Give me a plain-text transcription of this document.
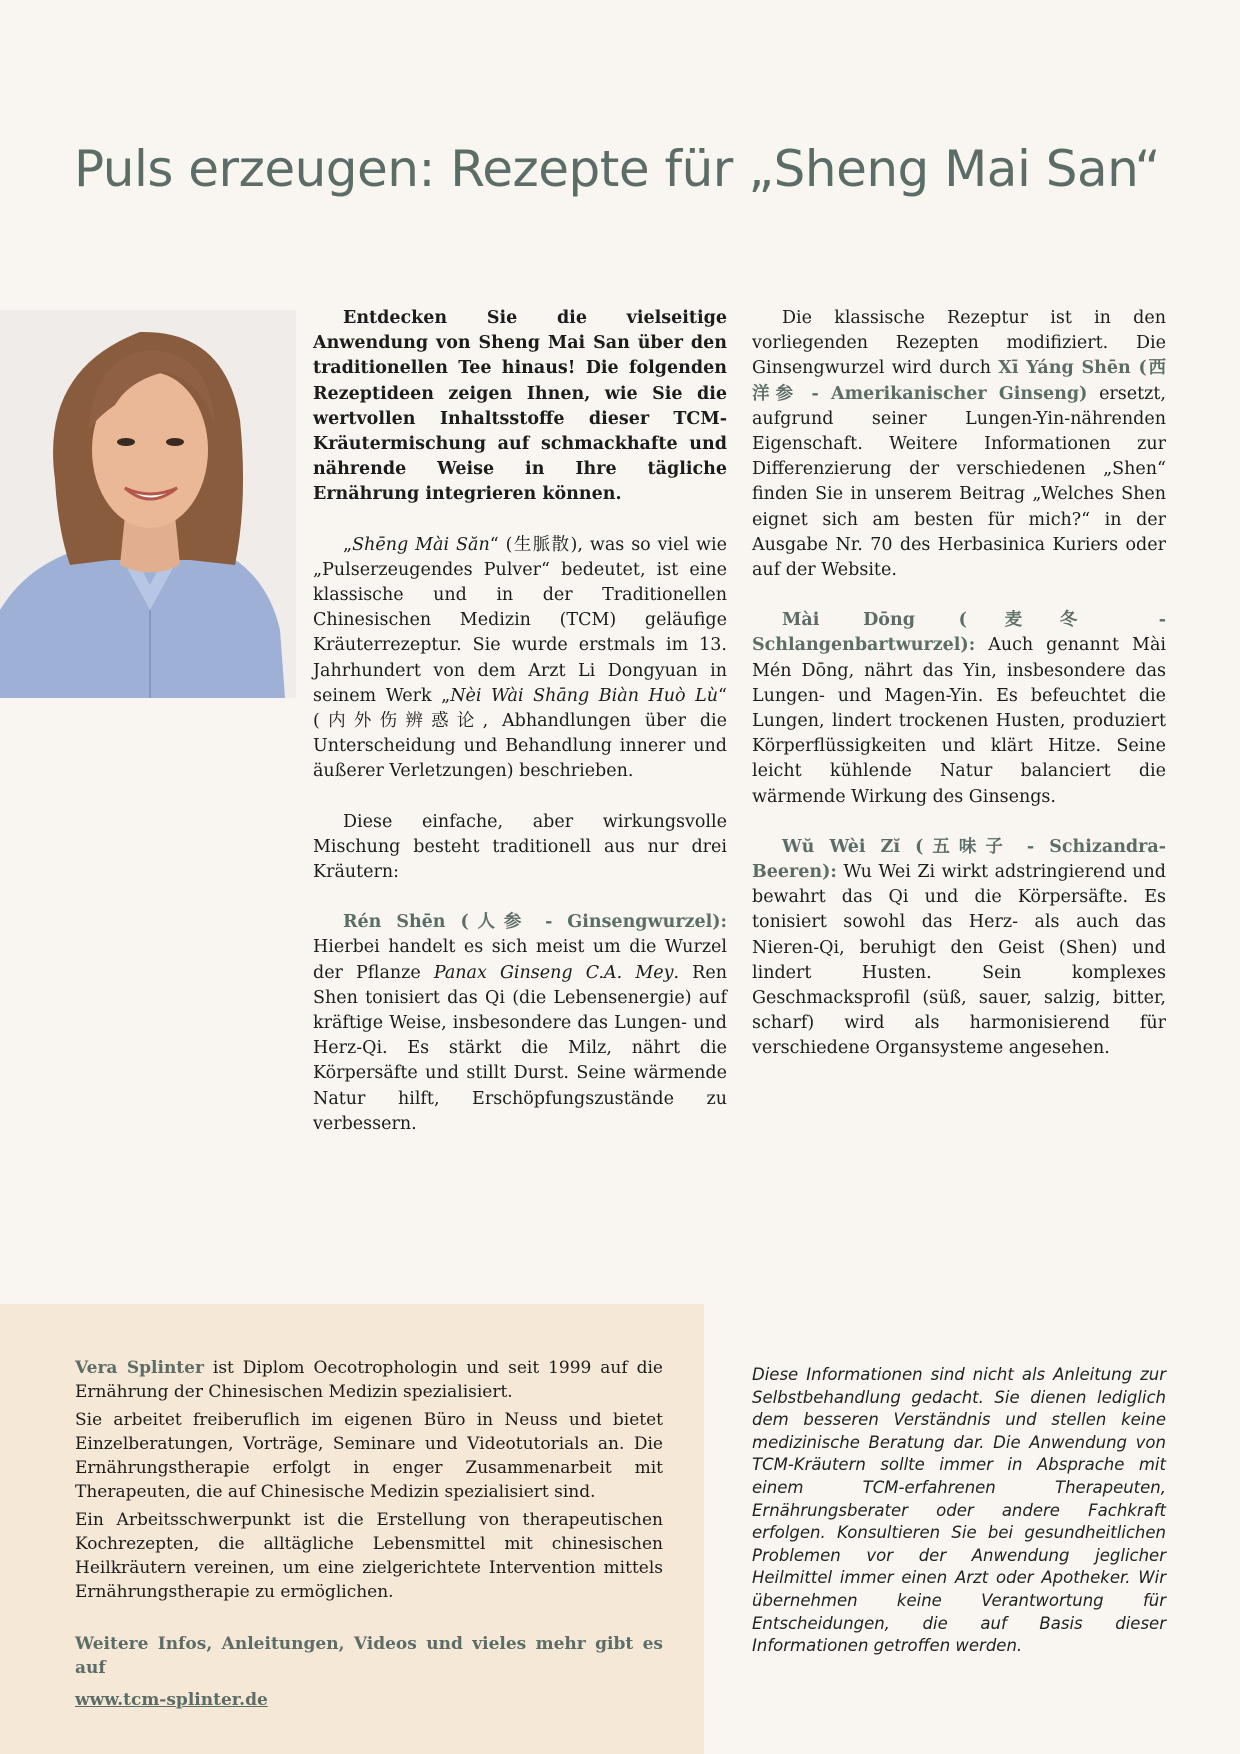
Puls erzeugen: Rezepte für „Sheng Mai San“

Entdecken Sie die vielseitige Anwendung von Sheng Mai San über den traditionellen Tee hinaus! Die folgenden Rezeptideen zeigen Ihnen, wie Sie die wertvollen Inhaltsstoffe dieser TCM-Kräutermischung auf schmackhafte und nährende Weise in Ihre tägliche Ernährung integrieren können.

„Shēng Mài Săn“ (生脈散), was so viel wie „Pulserzeugendes Pulver“ bedeutet, ist eine klassische und in der Traditionellen Chinesischen Medizin (TCM) geläufige Kräuterrezeptur. Sie wurde erstmals im 13. Jahrhundert von dem Arzt Li Dongyuan in seinem Werk „Nèi Wài Shāng Biàn Huò Lù“ (内外伤辨惑论, Abhandlungen über die Unterscheidung und Behandlung innerer und äußerer Verletzungen) beschrieben.

Diese einfache, aber wirkungsvolle Mischung besteht traditionell aus nur drei Kräutern:

Rén Shēn (人参 - Ginsengwurzel): Hierbei handelt es sich meist um die Wurzel der Pflanze Panax Ginseng C.A. Mey. Ren Shen tonisiert das Qi (die Lebensenergie) auf kräftige Weise, insbesondere das Lungen- und Herz-Qi. Es stärkt die Milz, nährt die Körpersäfte und stillt Durst. Seine wärmende Natur hilft, Erschöpfungszustände zu verbessern.

Die klassische Rezeptur ist in den vorliegenden Rezepten modifiziert. Die Ginsengwurzel wird durch Xī Yáng Shēn (西洋参 - Amerikanischer Ginseng) ersetzt, aufgrund seiner Lungen-Yin-nährenden Eigenschaft. Weitere Informationen zur Differenzierung der verschiedenen „Shen“ finden Sie in unserem Beitrag „Welches Shen eignet sich am besten für mich?“ in der Ausgabe Nr. 70 des Herbasinica Kuriers oder auf der Website.

Mài Dōng (麦冬 - Schlangenbartwurzel): Auch genannt Mài Mén Dōng, nährt das Yin, insbesondere das Lungen- und Magen-Yin. Es befeuchtet die Lungen, lindert trockenen Husten, produziert Körperflüssigkeiten und klärt Hitze. Seine leicht kühlende Natur balanciert die wärmende Wirkung des Ginsengs.

Wŭ Wèi Zĭ (五味子 - Schizandra-Beeren): Wu Wei Zi wirkt adstringierend und bewahrt das Qi und die Körpersäfte. Es tonisiert sowohl das Herz- als auch das Nieren-Qi, beruhigt den Geist (Shen) und lindert Husten. Sein komplexes Geschmacksprofil (süß, sauer, salzig, bitter, scharf) wird als harmonisierend für verschiedene Organsysteme angesehen.

Vera Splinter ist Diplom Oecotrophologin und seit 1999 auf die Ernährung der Chinesischen Medizin spezialisiert.

Sie arbeitet freiberuflich im eigenen Büro in Neuss und bietet Einzelberatungen, Vorträge, Seminare und Videotutorials an. Die Ernährungstherapie erfolgt in enger Zusammenarbeit mit Therapeuten, die auf Chinesische Medizin spezialisiert sind.

Ein Arbeitsschwerpunkt ist die Erstellung von therapeutischen Kochrezepten, die alltägliche Lebensmittel mit chinesischen Heilkräutern vereinen, um eine zielgerichtete Intervention mittels Ernährungstherapie zu ermöglichen.

Weitere Infos, Anleitungen, Videos und vieles mehr gibt es auf

www.tcm-splinter.de

Diese Informationen sind nicht als Anleitung zur Selbstbehandlung gedacht. Sie dienen lediglich dem besseren Verständnis und stellen keine medizinische Beratung dar. Die Anwendung von TCM-Kräutern sollte immer in Absprache mit einem TCM-erfahrenen Therapeuten, Ernährungsberater oder andere Fachkraft erfolgen. Konsultieren Sie bei gesundheitlichen Problemen vor der Anwendung jeglicher Heilmittel immer einen Arzt oder Apotheker. Wir übernehmen keine Verantwortung für Entscheidungen, die auf Basis dieser Informationen getroffen werden.
